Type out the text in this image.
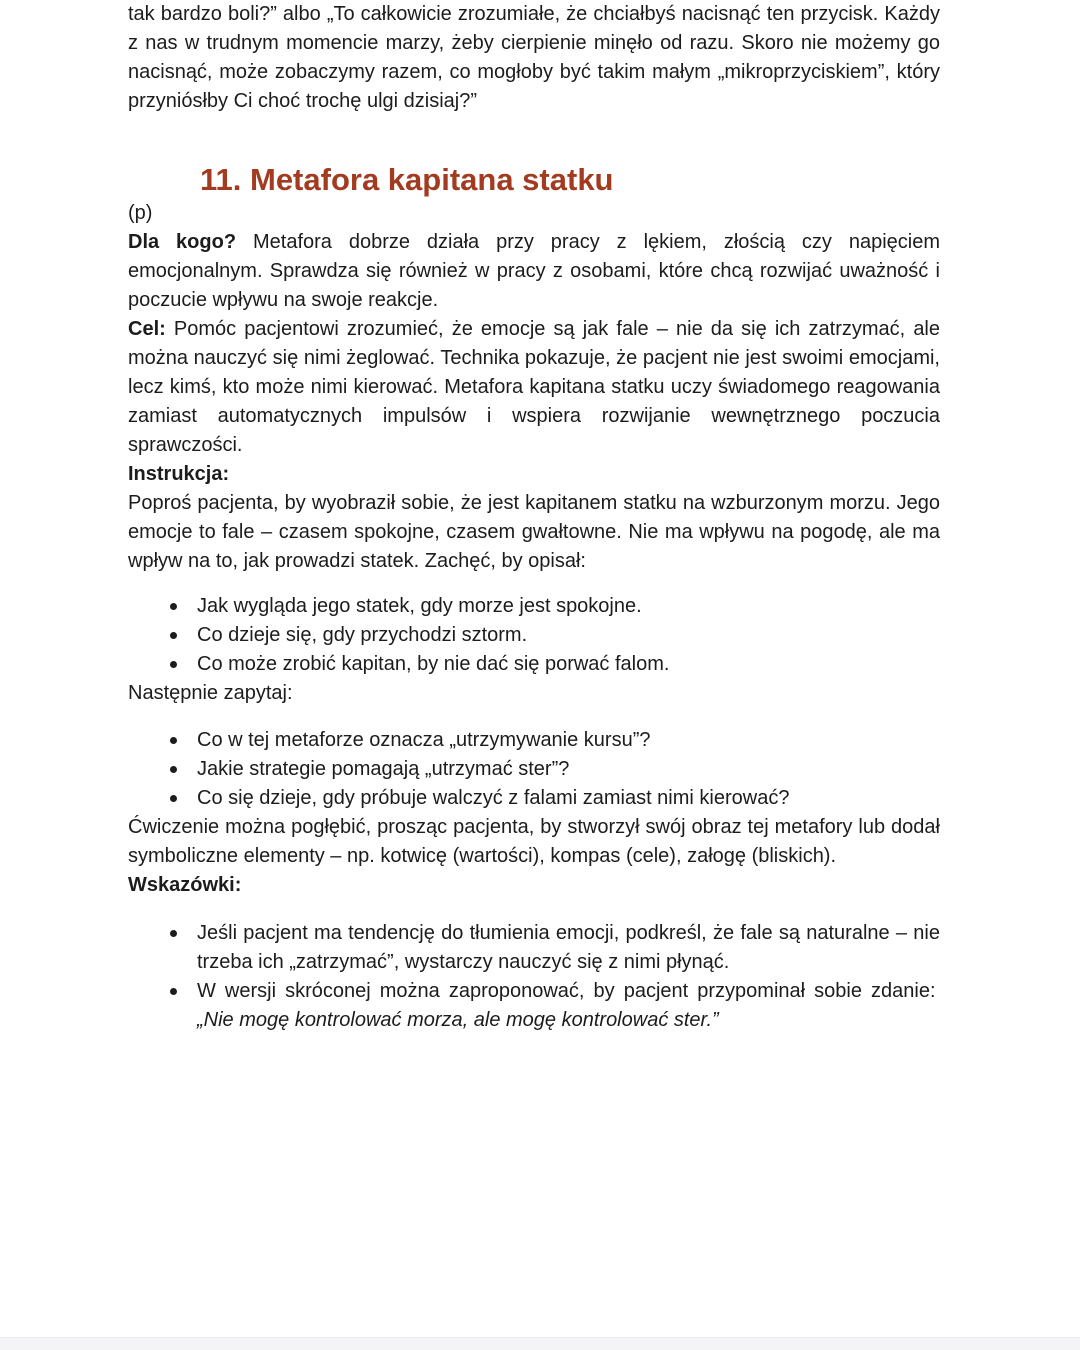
tak bardzo boli?” albo „To całkowicie zrozumiałe, że chciałbyś nacisnąć ten przycisk. Każdy z nas w trudnym momencie marzy, żeby cierpienie minęło od razu. Skoro nie możemy go nacisnąć, może zobaczymy razem, co mogłoby być takim małym „mikroprzyciskiem”, który przyniósłby Ci choć trochę ulgi dzisiaj?”

11. Metafora kapitana statku

(p)

Dla kogo? Metafora dobrze działa przy pracy z lękiem, złością czy napięciem emocjonalnym. Sprawdza się również w pracy z osobami, które chcą rozwijać uważność i poczucie wpływu na swoje reakcje.

Cel: Pomóc pacjentowi zrozumieć, że emocje są jak fale – nie da się ich zatrzymać, ale można nauczyć się nimi żeglować. Technika pokazuje, że pacjent nie jest swoimi emocjami, lecz kimś, kto może nimi kierować. Metafora kapitana statku uczy świadomego reagowania zamiast automatycznych impulsów i wspiera rozwijanie wewnętrznego poczucia sprawczości.

Instrukcja:
Poproś pacjenta, by wyobraził sobie, że jest kapitanem statku na wzburzonym morzu. Jego emocje to fale – czasem spokojne, czasem gwałtowne. Nie ma wpływu na pogodę, ale ma wpływ na to, jak prowadzi statek. Zachęć, by opisał:

Jak wygląda jego statek, gdy morze jest spokojne.
Co dzieje się, gdy przychodzi sztorm.
Co może zrobić kapitan, by nie dać się porwać falom.

Następnie zapytaj:

Co w tej metaforze oznacza „utrzymywanie kursu”?
Jakie strategie pomagają „utrzymać ster”?
Co się dzieje, gdy próbuje walczyć z falami zamiast nimi kierować?

Ćwiczenie można pogłębić, prosząc pacjenta, by stworzył swój obraz tej metafory lub dodał symboliczne elementy – np. kotwicę (wartości), kompas (cele), załogę (bliskich).

Wskazówki:

Jeśli pacjent ma tendencję do tłumienia emocji, podkreśl, że fale są naturalne – nie trzeba ich „zatrzymać”, wystarczy nauczyć się z nimi płynąć.
W wersji skróconej można zaproponować, by pacjent przypominał sobie zdanie:
„Nie mogę kontrolować morza, ale mogę kontrolować ster.”
